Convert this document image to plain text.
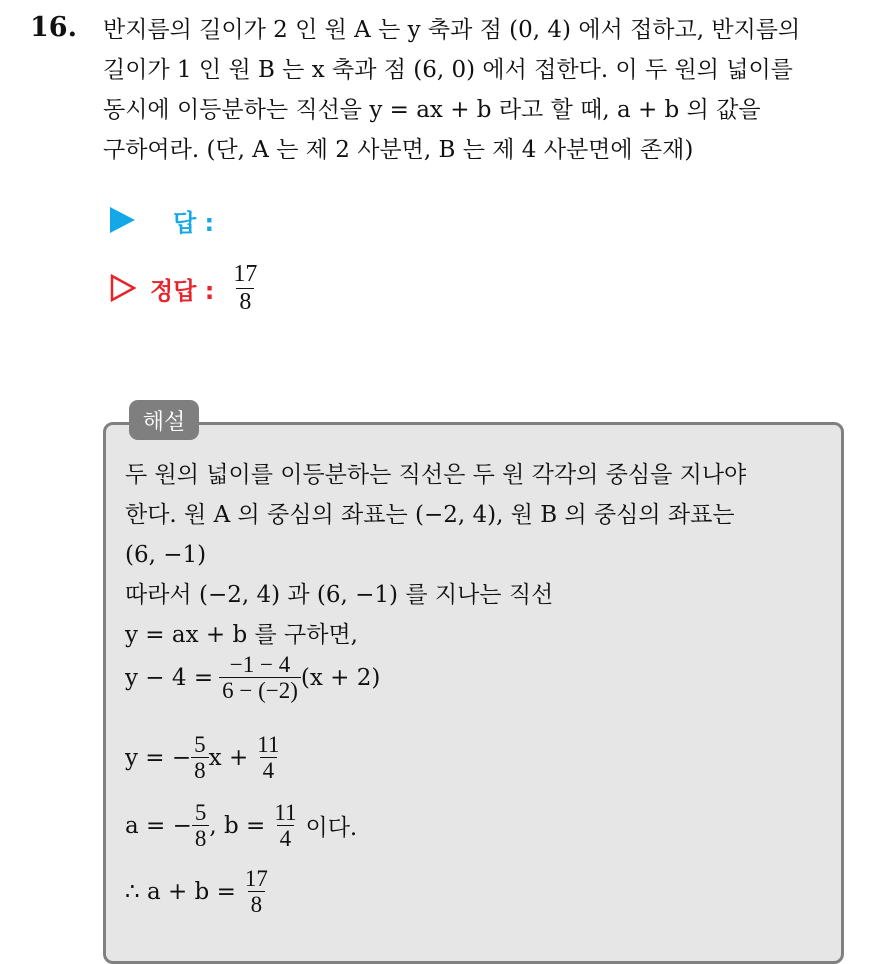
16. 반지름의 길이가 2 인 원 A 는 y 축과 점 (0, 4) 에서 접하고, 반지름의
길이가 1 인 원 B 는 x 축과 점 (6, 0) 에서 접한다. 이 두 원의 넓이를
동시에 이등분하는 직선을 y = ax + b 라고 할 때, a + b 의 값을
구하여라. (단, A 는 제 2 사분면, B 는 제 4 사분면에 존재)
답 :
정답 : $\frac{17}{8}$
해설
두 원의 넓이를 이등분하는 직선은 두 원 각각의 중심을 지나야
한다. 원 A 의 중심의 좌표는 (−2, 4), 원 B 의 중심의 좌표는
(6, −1)
따라서 (−2, 4) 과 (6, −1) 를 지나는 직선
y = ax + b 를 구하면,
$y - 4 = \frac{-1 - 4}{6 - (-2)} (x + 2)$
y = − $\frac{5}{8}$ $x + \frac{11}{4}$
a = − $\frac{5}{8}$ , $b = \frac{11}{4}$ 이다.
∴ $a + b = \frac{17}{8}$
